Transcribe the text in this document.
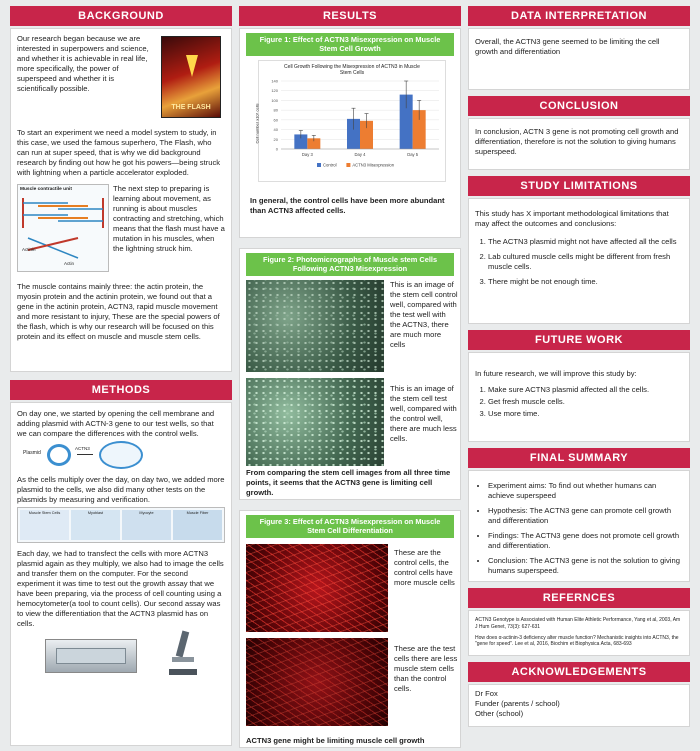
BACKGROUND
Our research began because we are interested in superpowers and science, and whether it is achievable in real life, more specifically, the power of superspeed and whether it is scientifically possible.
THE FLASH

To start an experiment we need a model system to study, in this case, we used the famous superhero, The Flash, who can run at super speed, that is why we did background research by finding out how he got his powers—being struck with lightning when a particle accelerator exploded.

Muscle contractile unit
Actinin
Actin
The next step to preparing is learning about movement, as running is about muscles contracting and stretching, which means that the flash must have a mutation in his muscles, when the lightning struck him.

The muscle contains mainly three: the actin protein, the myosin protein and the actinin protein, we found out that a gene in the actinin protein, ACTN3, rapid muscle movement and more resistant to injury, These are the special powers of the flash, which is why our research will be focused on this protein and its effect on muscle and muscle stem cells.

METHODS

On day one, we started by opening the cell membrane and adding plasmid with ACTN-3 gene to our test wells, so that we can compare the differences with the control wells.

Plasmid
ACTN3

As the cells multiply over the day, on day two, we added more plasmid to the cells, we also did many other tests on the plasmids by measuring and verification.

Muscle Stem Cells	Myoblast	Myocyte	Muscle Fiber

Each day, we had to transfect the cells with more ACTN3 plasmid again as they multiply, we also had to image the cells and transfer them on the computer. For the second experiment it was time to test out the growth assay that we have been preparing, via the process of cell counting using a hemocytometer(a tool to count cells). Our second assay was to view the differentiation that the ACTN3 plasmid has on cells.

RESULTS
Figure 1: Effect of ACTN3 Misexpression on Muscle Stem Cell Growth
Cell Growth Following the Misexpression of ACTN3 in Muscle Stem Cells
0
20
40
60
80
100
120
140
Day 3	Day 4	Day 5
Control	ACTN3 Misexpression
Cell number x10⁴ cells
In general, the control cells have been more abundant than ACTN3 affected cells.
Figure 2: Photomicrographs of Muscle stem Cells Following ACTN3 Misexpression
This is an image of the stem cell control well, compared with the test well with the ACTN3, there are much more cells
This is an image of the stem cell test well, compared with the control well, there are much less cells.
From comparing the stem cell images from all three time points, it seems that the ACTN3 gene is limiting cell growth.
Figure 3: Effect of ACTN3 Misexpression on Muscle Stem Cell Differentiation
These are the control cells, the control cells have more muscle cells
These are the test cells there are less muscle stem cells than the control cells.
ACTN3 gene might be limiting muscle cell growth
DATA INTERPRETATION
Overall, the ACTN3 gene seemed to be limiting the cell growth and differentiation
CONCLUSION
In conclusion, ACTN 3 gene is not promoting cell growth and differentiation, therefore is not the solution to giving humans superspeed.
STUDY LIMITATIONS

This study has X important methodological limitations that may affect the outcomes and conclusions:

1. The ACTN3 plasmid might not have affected all the cells
2. Lab cultured muscle cells might be different from fresh muscle cells.
3. There might be not enough time.
FUTURE WORK

In future research, we will improve this study by:

1. Make sure ACTN3 plasmid affected all the cells.
2. Get fresh muscle cells.
3. Use more time.
FINAL SUMMARY
• Experiment aims: To find out whether humans can achieve superspeed
• Hypothesis: The ACTN3 gene can promote cell growth and differentiation
• Findings: The ACTN3 gene does not promote cell growth and differentiation.
• Conclusion: The ACTN3 gene is not the solution to giving humans superspeed.
REFERNCES

ACTN3 Genotype is Associated with Human Elite Athletic Performance, Yang et al, 2003, Am J Hum Genet, 73(3): 627-631

How does α-actinin-3 deficiency alter muscle function? Mechanistic insights into ACTN3, the "gene for speed". Lee et al, 2016, Biochim et Biophysica Acta, 683-693

ACKNOWLEDGEMENTS
Dr Fox
Funder (parents / school)
Other (school)
